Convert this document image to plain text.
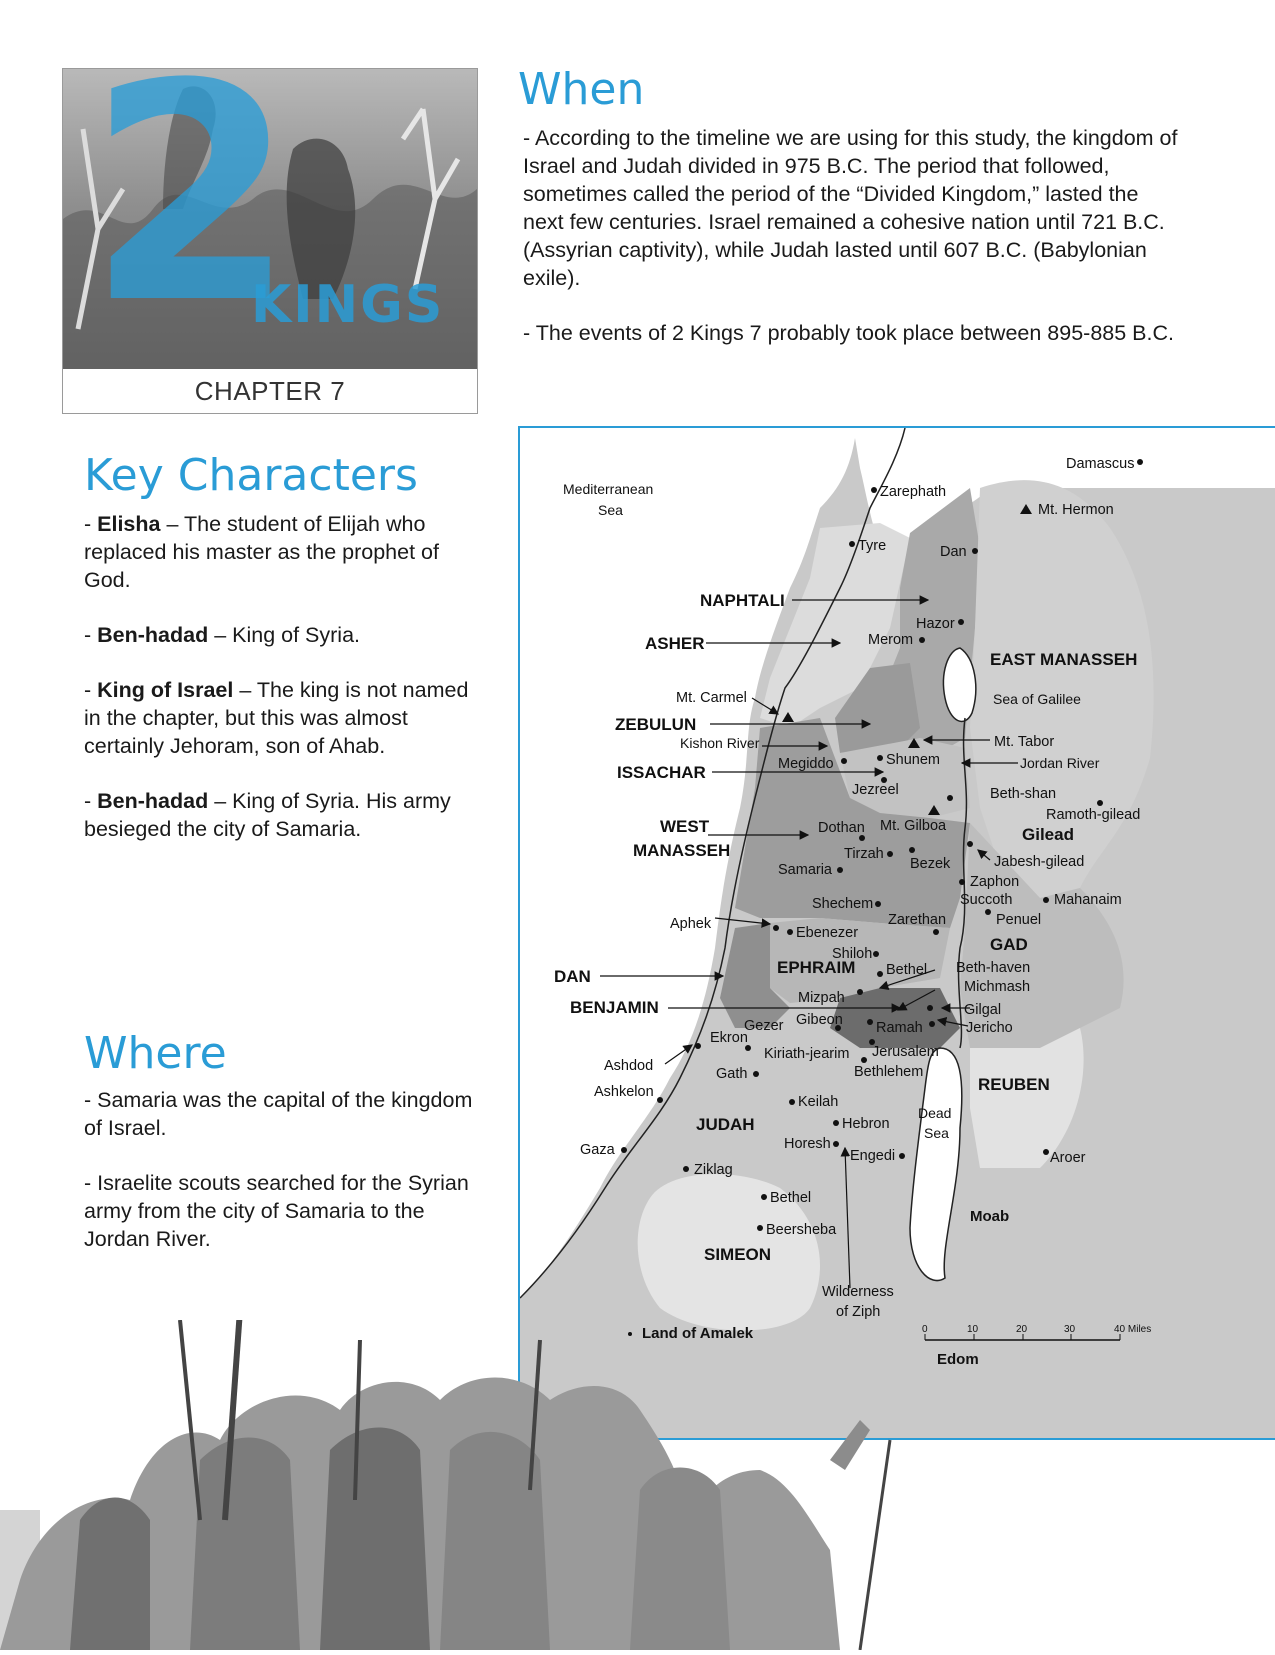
2
KINGS
CHAPTER 7
When

- According to the timeline we are using for this study, the kingdom of Israel and Judah divided in 975 B.C. The period that followed, sometimes called the period of the “Divided Kingdom,” lasted the next few centuries. Israel remained a cohesive nation until 721 B.C. (Assyrian captivity), while Judah lasted until 607 B.C. (Babylonian exile).

- The events of 2 Kings 7 probably took place between 895-885 B.C.

Key Characters

- Elisha – The student of Elijah who replaced his master as the prophet of God.

- Ben-hadad – King of Syria.

- King of Israel – The king is not named in the chapter, but this was almost certainly Jehoram, son of Ahab.

- Ben-hadad – King of Syria. His army besieged the city of Samaria.

Where

- Samaria was the capital of the kingdom of Israel.

- Israelite scouts searched for the Syrian army from the city of Samaria to the Jordan River.

NAPHTALI
ASHER
EAST MANASSEH
ZEBULUN
ISSACHAR
WEST
MANASSEH
Gilead
GAD
DAN	EPHRAIM
BENJAMIN
REUBEN
JUDAH
SIMEON
Moab
Land of Amalek
Edom
Mediterranean
Sea
Sea of Galilee
Jordan River
Kishon River
Dead
Sea
Damascus
Zarephath
Mt. Hermon
Tyre	Dan
Hazor
Merom
Mt. Carmel
Mt. Tabor
Megiddo	Shunem
Jezreel	Beth-shan
Ramoth-gilead
Dothan Mt. Gilboa
Tirzah
Bezek	Jabesh-gilead
Samaria
Zaphon
Succoth	Mahanaim
Shechem
Penuel
Zarethan
Aphek
Ebenezer
Shiloh
Bethel Beth-haven
Michmash
Mizpah
Gilgal
Gibeon
Gezer	Ramah	Jericho
Ekron
Kiriath-jearim Jerusalem
Ashdod	Gath	Bethlehem
Ashkelon
Keilah
Hebron
Gaza	Horesh
Engedi	Aroer
Ziklag
Bethel
Beersheba
Wilderness
of Ziph
0	10	20	30	40 Miles
